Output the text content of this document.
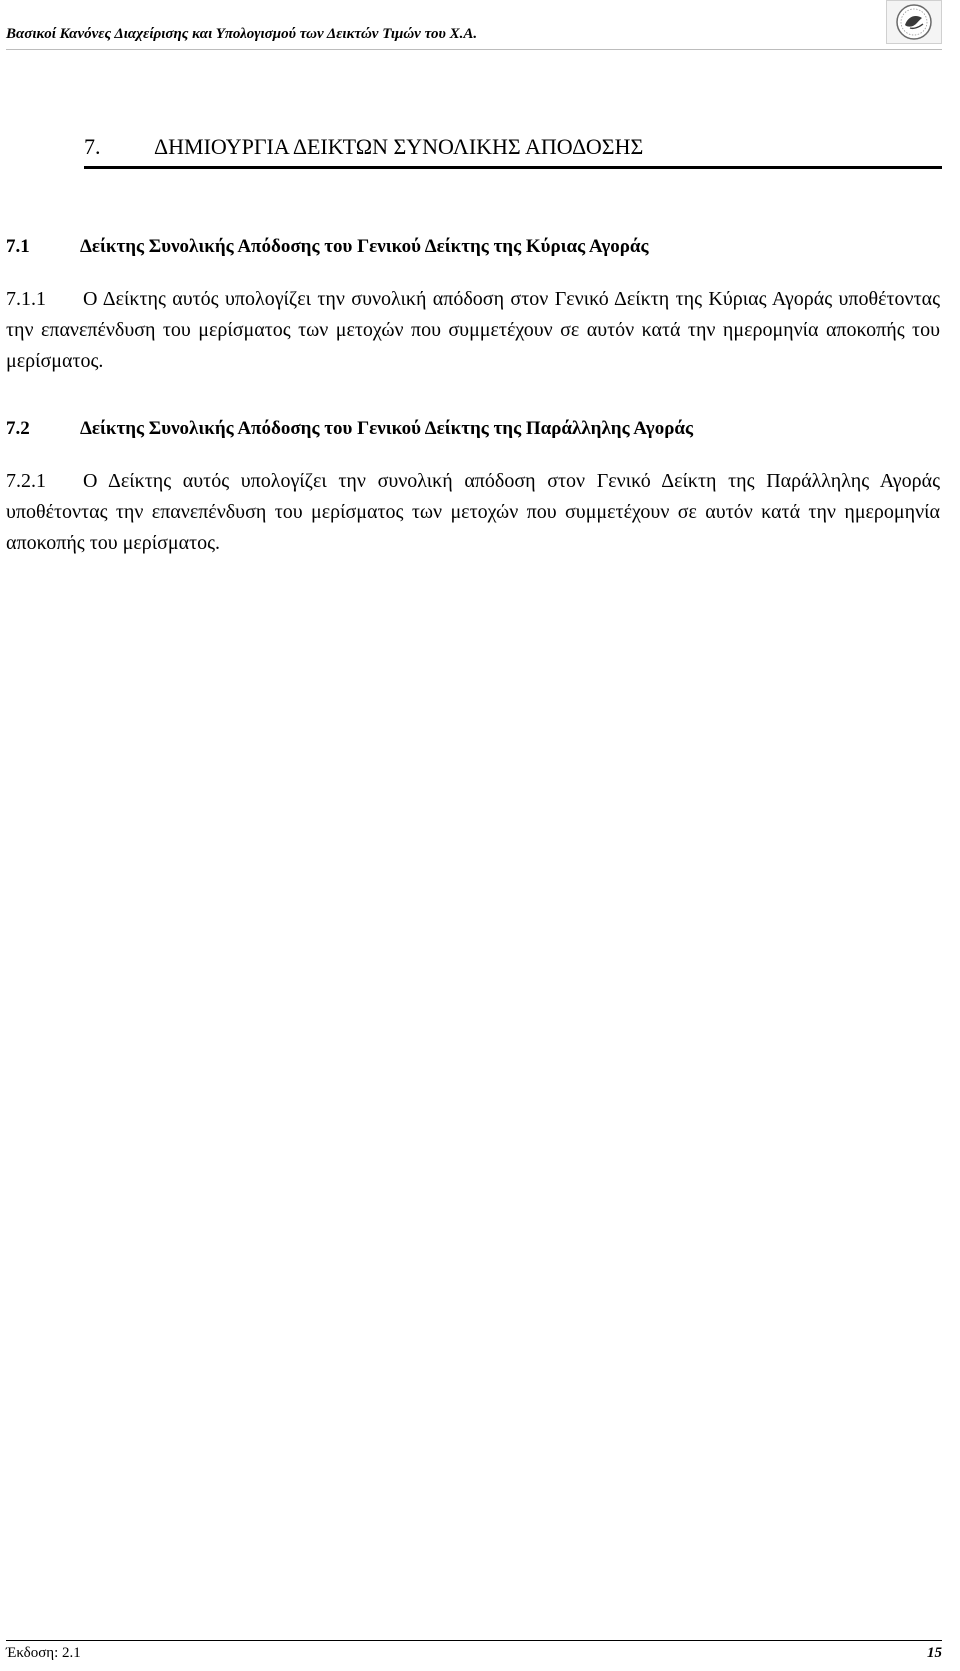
Βασικοί Κανόνες Διαχείρισης και Υπολογισμού των Δεικτών Τιμών του Χ.Α.
7. ΔΗΜΙΟΥΡΓΙΑ ΔΕΙΚΤΩΝ ΣΥΝΟΛΙΚΗΣ ΑΠΟΔΟΣΗΣ
7.1	Δείκτης Συνολικής Απόδοσης του Γενικού Δείκτης της Κύριας Αγοράς

7.1.1 Ο Δείκτης αυτός υπολογίζει την συνολική απόδοση στον Γενικό Δείκτη της Κύριας Αγοράς υποθέτοντας την επανεπένδυση του μερίσματος των μετοχών που συμμετέχουν σε αυτόν κατά την ημερομηνία αποκοπής του μερίσματος.

7.2	Δείκτης Συνολικής Απόδοσης του Γενικού Δείκτης της Παράλληλης Αγοράς

7.2.1 Ο Δείκτης αυτός υπολογίζει την συνολική απόδοση στον Γενικό Δείκτη της Παράλληλης Αγοράς υποθέτοντας την επανεπένδυση του μερίσματος των μετοχών που συμμετέχουν σε αυτόν κατά την ημερομηνία αποκοπής του μερίσματος.

Έκδοση: 2.1	15
